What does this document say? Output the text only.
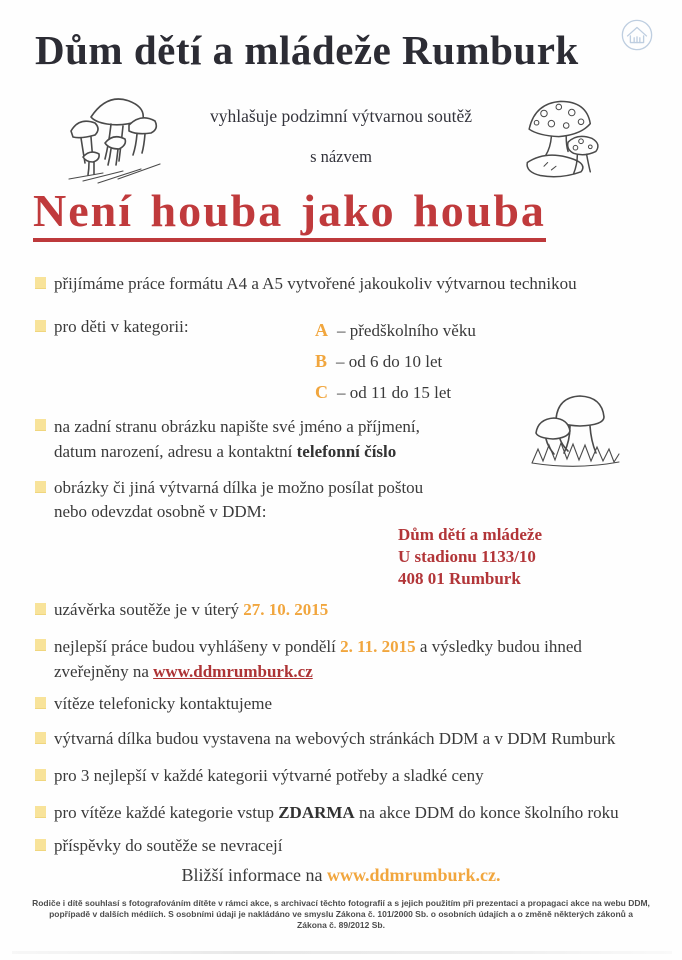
Dům dětí a mládeže Rumburk
vyhlašuje podzimní výtvarnou soutěž
s názvem
Není houba jako houba
přijímáme práce formátu A4 a A5 vytvořené jakoukoliv výtvarnou technikou
pro děti v kategorii:	A – předškolního věku
B – od 6 do 10 let
C – od 11 do 15 let
na zadní stranu obrázku napište své jméno a příjmení,
datum narození, adresu a kontaktní telefonní číslo
obrázky či jiná výtvarná dílka je možno posílat poštou
nebo odevzdat osobně v DDM:
Dům dětí a mládeže
U stadionu 1133/10
408 01 Rumburk
uzávěrka soutěže je v úterý 27. 10. 2015
nejlepší práce budou vyhlášeny v pondělí 2. 11. 2015 a výsledky budou ihned
zveřejněny na www.ddmrumburk.cz
vítěze telefonicky kontaktujeme
výtvarná dílka budou vystavena na webových stránkách DDM a v DDM Rumburk
pro 3 nejlepší v každé kategorii výtvarné potřeby a sladké ceny
pro vítěze každé kategorie vstup ZDARMA na akce DDM do konce školního roku
příspěvky do soutěže se nevracejí
Bližší informace na www.ddmrumburk.cz.
Rodiče i dítě souhlasí s fotografováním dítěte v rámci akce, s archivací těchto fotografií a s jejich použitím při prezentaci a propagaci akce na webu DDM,
popřípadě v dalších médiích. S osobními údaji je nakládáno ve smyslu Zákona č. 101/2000 Sb. o osobních údajích a o změně některých zákonů a
Zákona č. 89/2012 Sb.
